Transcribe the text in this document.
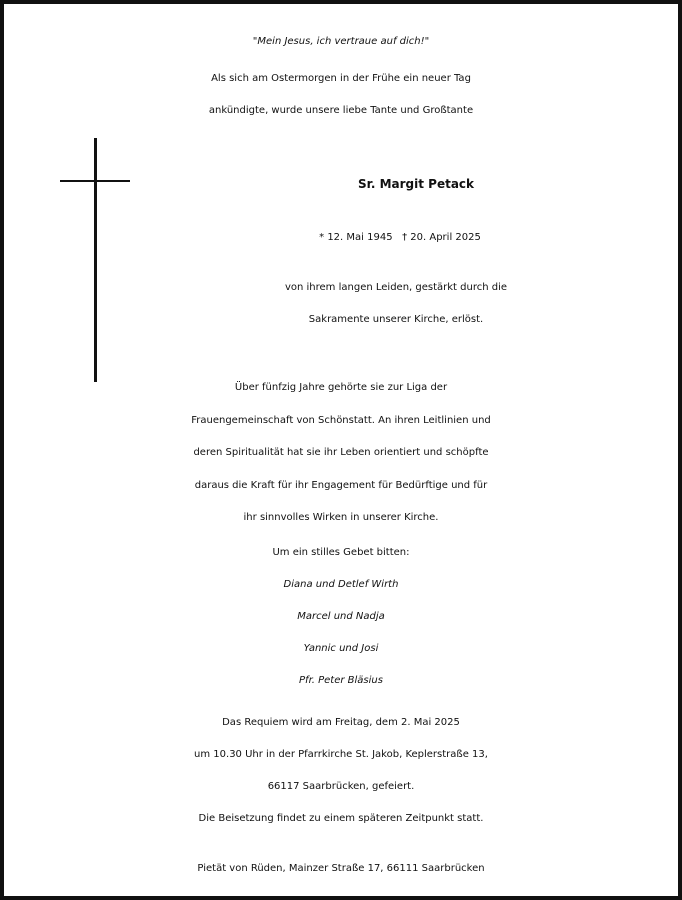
"Mein Jesus, ich vertraue auf dich!"
Als sich am Ostermorgen in der Frühe ein neuer Tag
ankündigte, wurde unsere liebe Tante und Großtante
Sr. Margit Petack
* 12. Mai 1945   † 20. April 2025
von ihrem langen Leiden, gestärkt durch die
Sakramente unserer Kirche, erlöst.
Über fünfzig Jahre gehörte sie zur Liga der
Frauengemeinschaft von Schönstatt. An ihren Leitlinien und
deren Spiritualität hat sie ihr Leben orientiert und schöpfte
daraus die Kraft für ihr Engagement für Bedürftige und für
ihr sinnvolles Wirken in unserer Kirche.
Um ein stilles Gebet bitten:
Diana und Detlef Wirth
Marcel und Nadja
Yannic und Josi
Pfr. Peter Bläsius
Das Requiem wird am Freitag, dem 2. Mai 2025
um 10.30 Uhr in der Pfarrkirche St. Jakob, Keplerstraße 13,
66117 Saarbrücken, gefeiert.
Die Beisetzung findet zu einem späteren Zeitpunkt statt.
Pietät von Rüden, Mainzer Straße 17, 66111 Saarbrücken
